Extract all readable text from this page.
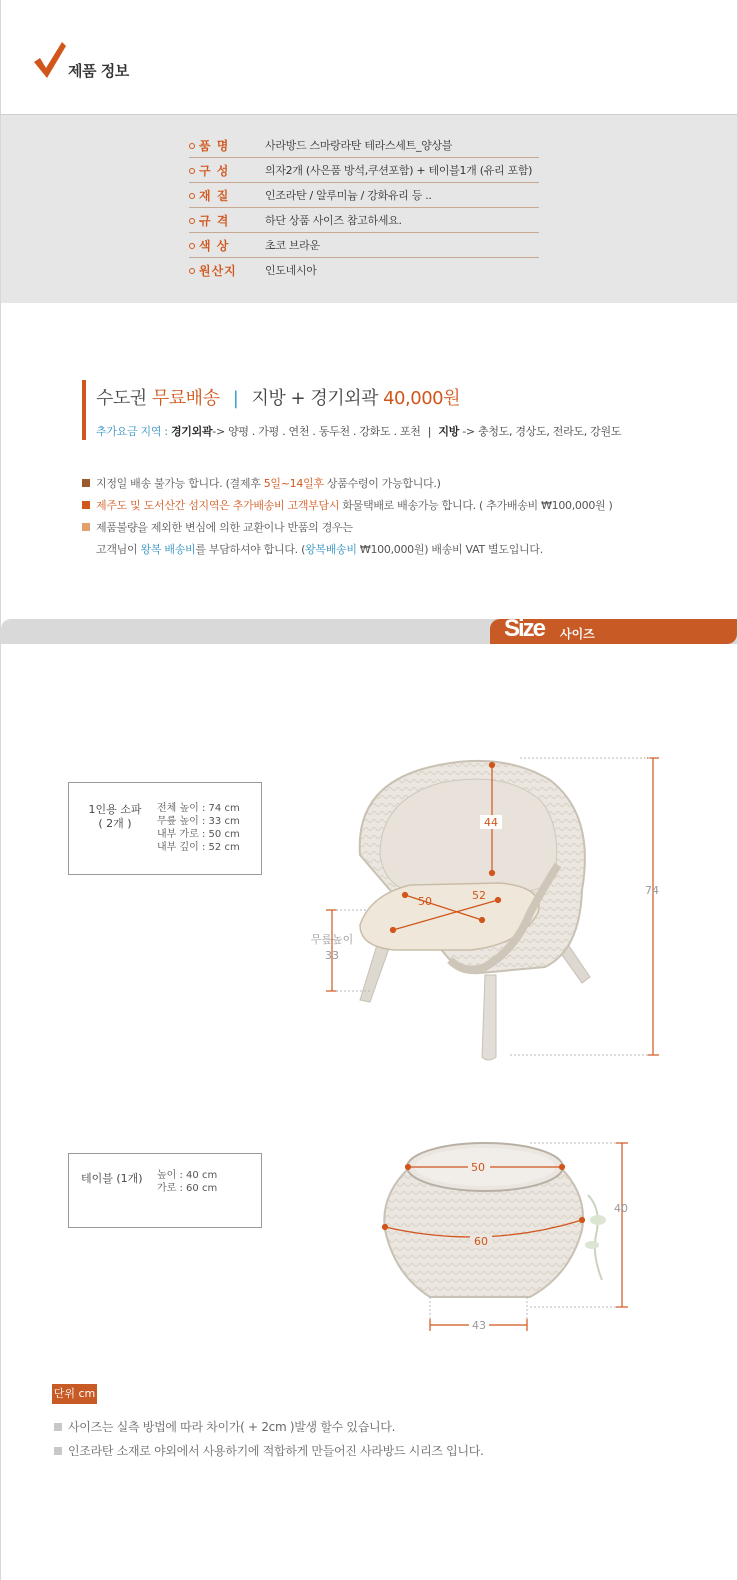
제품 정보
품 명	사라방드 스마랑라탄 테라스세트_양상블
구 성	의자2개 (사은품 방석,쿠션포함) + 테이블1개 (유리 포함)
재 질	인조라탄 / 알루미늄 / 강화유리 등 ..
규 격	하단 상품 사이즈 참고하세요.
색 상	초코 브라운
원산지	인도네시아
수도권 무료배송 | 지방 + 경기외곽 40,000원
추가요금 지역 : 경기외곽-> 양평 . 가평 . 연천 . 동두천 . 강화도 . 포천 | 지방 -> 충청도, 경상도, 전라도, 강원도
지정일 배송 불가능 합니다. (결제후 5일~14일후 상품수령이 가능합니다.)
제주도 및 도서산간 섬지역은 추가배송비 고객부담시 화물택배로 배송가능 합니다. ( 추가배송비 ₩100,000원 )
제품불량을 제외한 변심에 의한 교환이나 반품의 경우는
고객님이 왕복 배송비를 부담하셔야 합니다. (왕복배송비 ₩100,000원) 배송비 VAT 별도입니다.
Size 사이즈
1인용 소파
( 2개 )
전체 높이 : 74 cm
무릎 높이 : 33 cm
내부 가로 : 50 cm
내부 깊이 : 52 cm
44
52
50
74
무릎높이
33
테이블 (1개) 높이 : 40 cm
가로 : 60 cm
50
60
40
43
단위 cm
사이즈는 실측 방법에 따라 차이가( + 2cm )발생 할수 있습니다.
인조라탄 소재로 야외에서 사용하기에 적합하게 만들어진 사라방드 시리즈 입니다.
